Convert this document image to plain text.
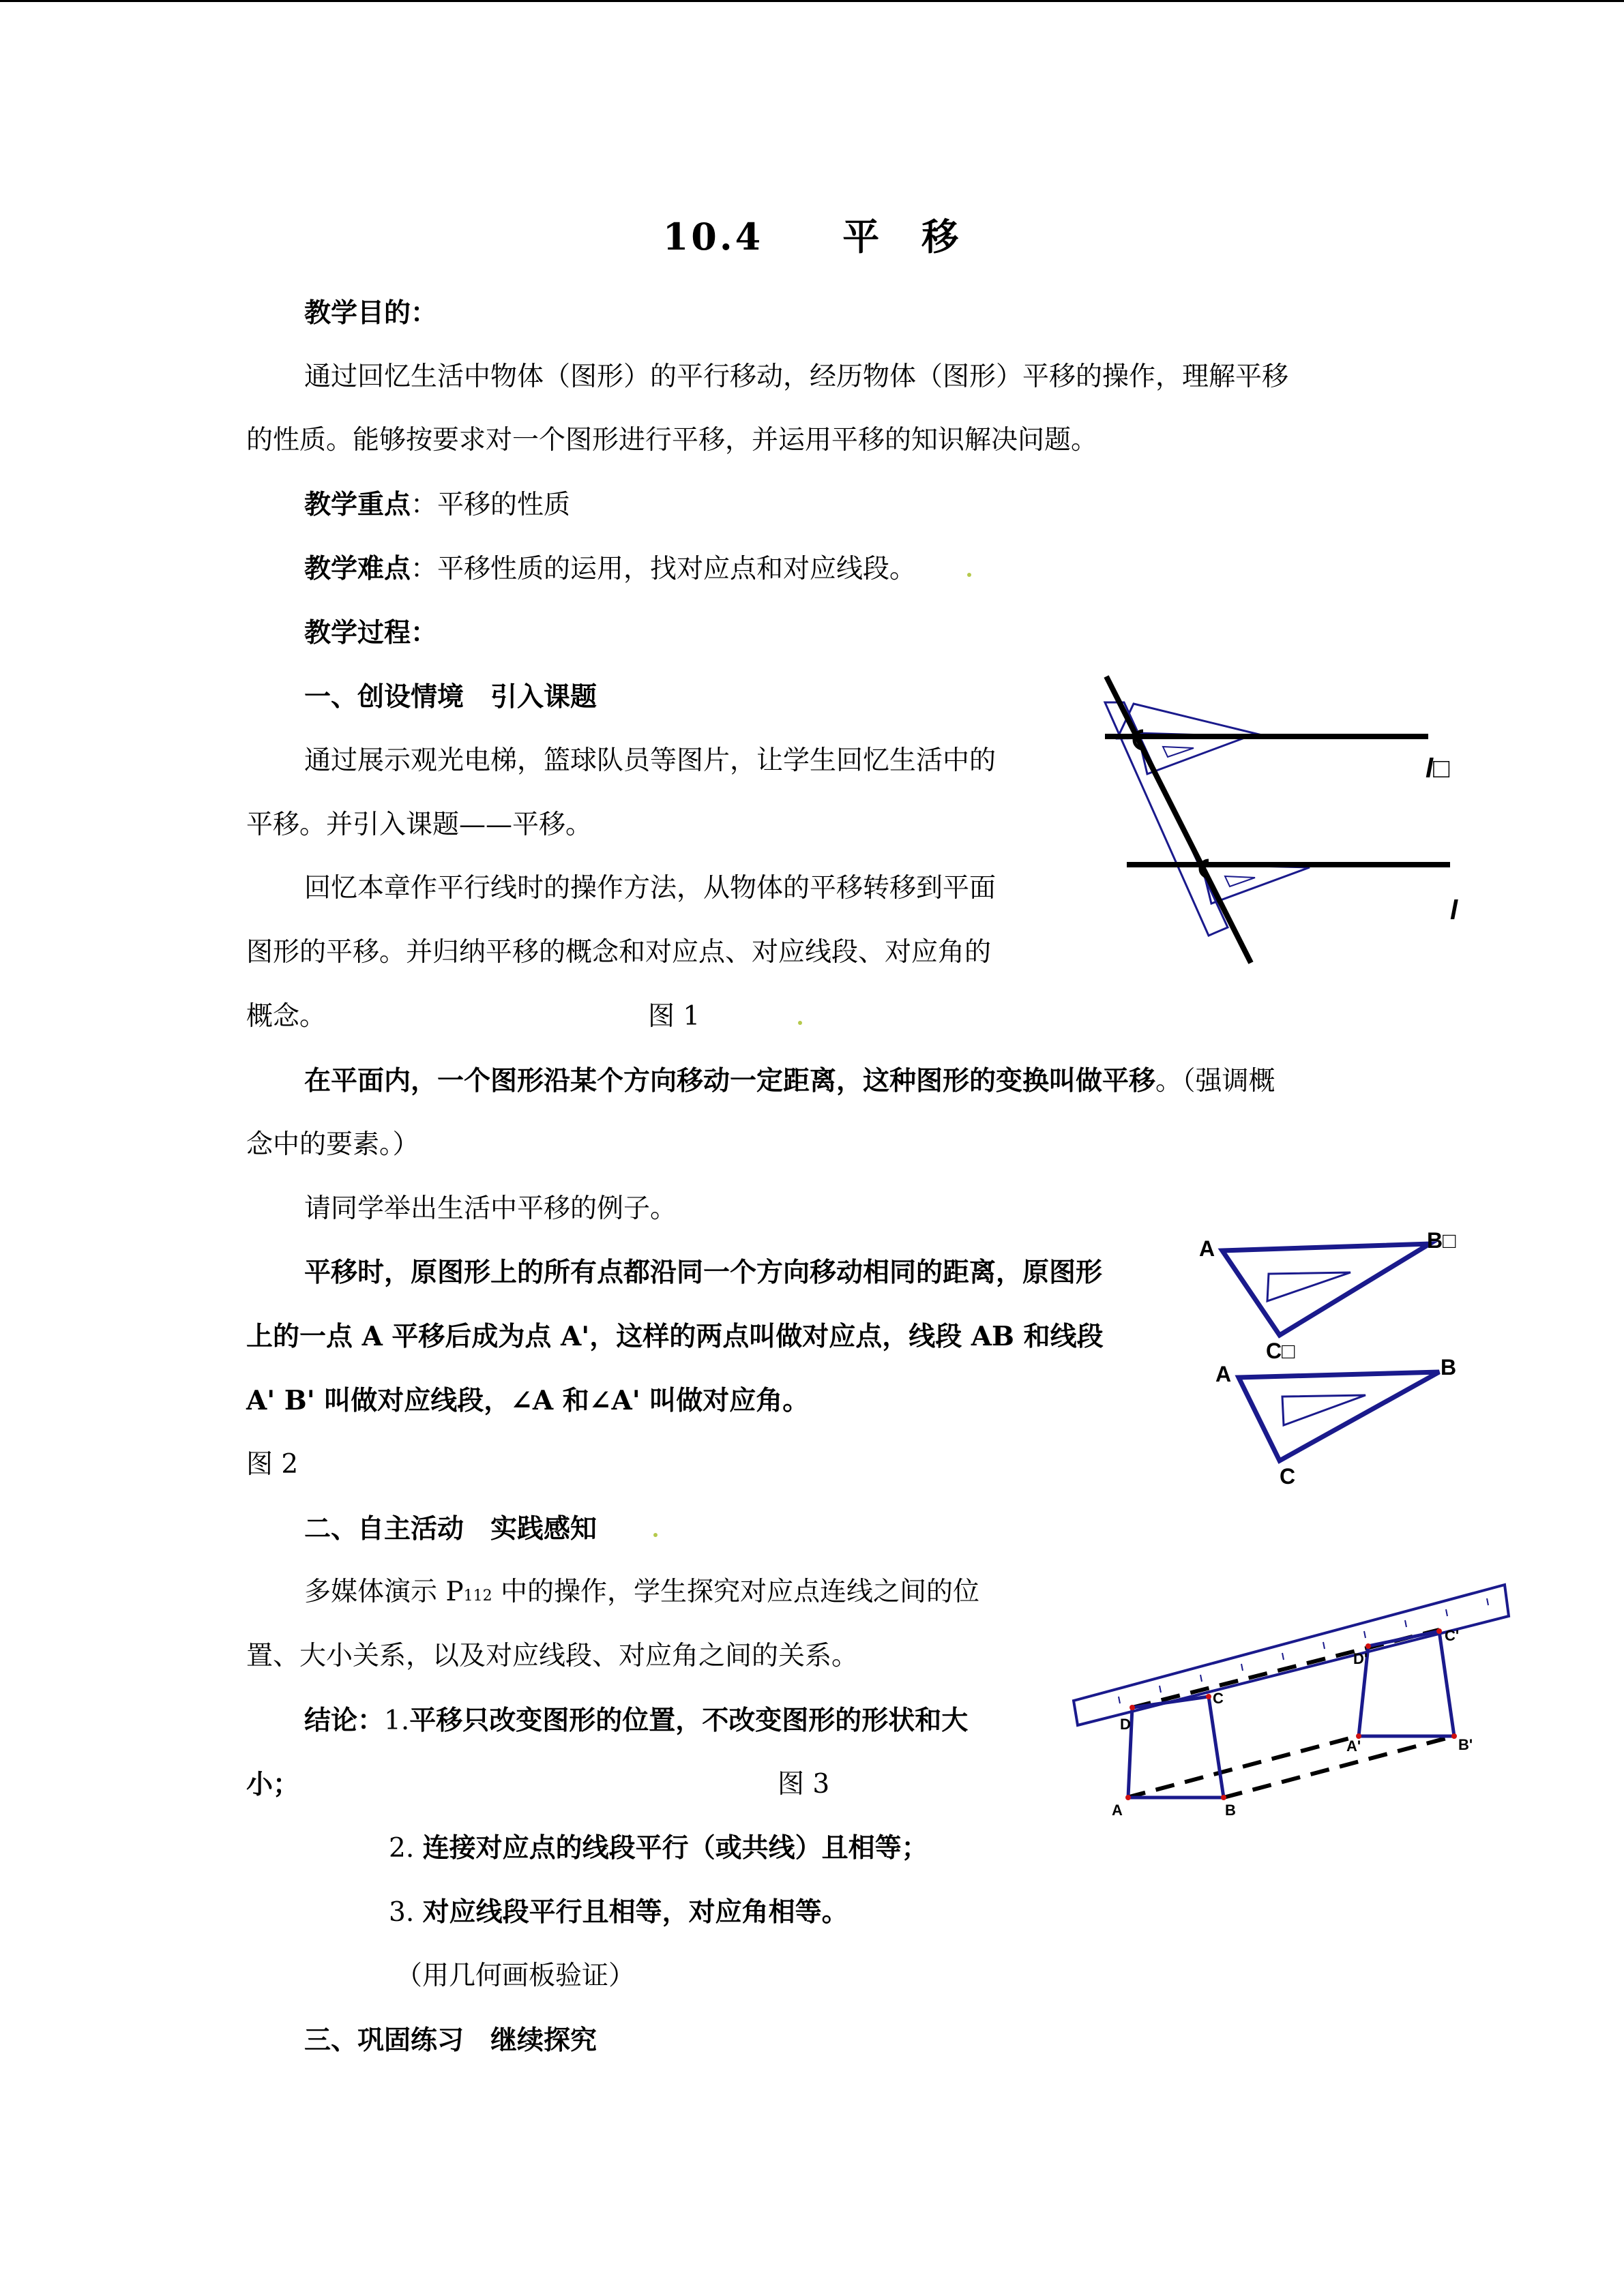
10.4　　平　移
教学目的：
通过回忆生活中物体（图形）的平行移动，经历物体（图形）平移的操作，理解平移
的性质。能够按要求对一个图形进行平移，并运用平移的知识解决问题。
教学重点：平移的性质
教学难点：平移性质的运用，找对应点和对应线段。
教学过程：
一、创设情境　引入课题
通过展示观光电梯，篮球队员等图片，让学生回忆生活中的
平移。并引入课题——平移。
回忆本章作平行线时的操作方法，从物体的平移转移到平面
图形的平移。并归纳平移的概念和对应点、对应线段、对应角的
概念。	图 1
在平面内，一个图形沿某个方向移动一定距离，这种图形的变换叫做平移。（强调概
念中的要素。）
请同学举出生活中平移的例子。
平移时，原图形上的所有点都沿同一个方向移动相同的距离，原图形
上的一点 A 平移后成为点 A'，这样的两点叫做对应点，线段 AB 和线段
A' B' 叫做对应线段，∠A 和∠A' 叫做对应角。
图 2
二、自主活动　实践感知
多媒体演示 P112 中的操作，学生探究对应点连线之间的位
置、大小关系，以及对应线段、对应角之间的关系。
结论：1.平移只改变图形的位置，不改变图形的形状和大
小；	图 3
2. 连接对应点的线段平行（或共线）且相等；
3. 对应线段平行且相等，对应角相等。
（用几何画板验证）
三、巩固练习　继续探究
l□
l
A	B□
C□
A	B
C
D
C
D'
C'
A'	B'
A	B
